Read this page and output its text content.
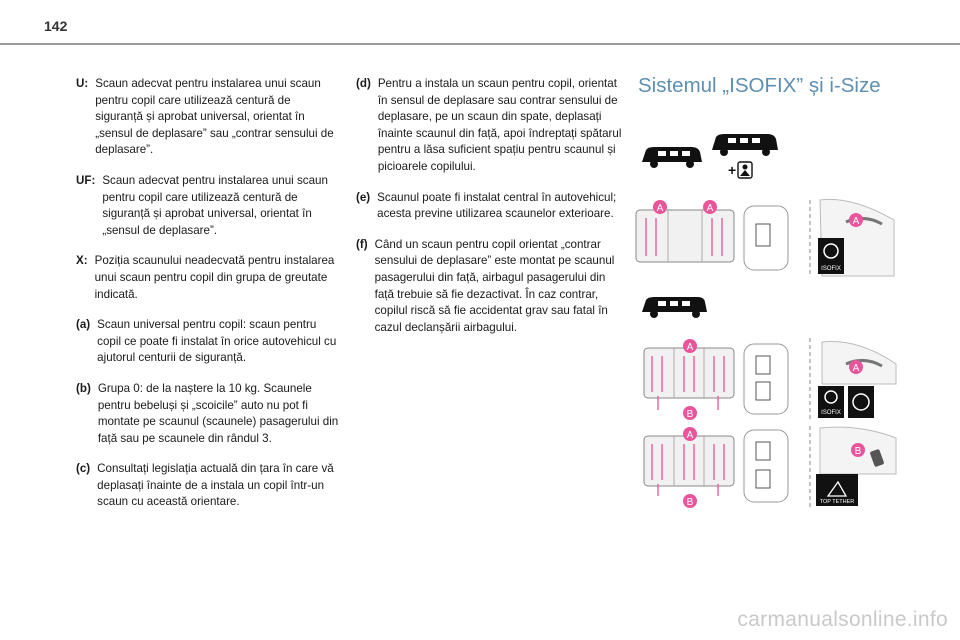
142
U: Scaun adecvat pentru instalarea unui scaun pentru copil care utilizează centură de siguranță și aprobat universal, orientat în „sensul de deplasare” sau „contrar sensului de deplasare”.
UF: Scaun adecvat pentru instalarea unui scaun pentru copil care utilizează centură de siguranță și aprobat universal, orientat în „sensul de deplasare”.
X: Poziția scaunului neadecvată pentru instalarea unui scaun pentru copil din grupa de greutate indicată.
(a) Scaun universal pentru copil: scaun pentru copil ce poate fi instalat în orice autovehicul cu ajutorul centurii de siguranță.
(b) Grupa 0: de la naștere la 10 kg. Scaunele pentru bebeluși și „scoicile” auto nu pot fi montate pe scaunul (scaunele) pasagerului din față sau pe scaunele din rândul 3.
(c) Consultați legislația actuală din țara în care vă deplasați înainte de a instala un copil într-un scaun cu această orientare.
(d) Pentru a instala un scaun pentru copil, orientat în sensul de deplasare sau contrar sensului de deplasare, pe un scaun din spate, deplasați înainte scaunul din față, apoi îndreptați spătarul pentru a lăsa suficient spațiu pentru scaunul și picioarele copilului.
(e) Scaunul poate fi instalat central în autovehicul; acesta previne utilizarea scaunelor exterioare.
(f) Când un scaun pentru copil orientat „contrar sensului de deplasare” este montat pe scaunul pasagerului din față, airbagul pasagerului din față trebuie să fie dezactivat. În caz contrar, copilul riscă să fie accidentat grav sau fatal în cazul declanșării airbagului.
Sistemul „ISOFIX” și i-Size
+
A	A
A
ISOFIX
A
B
A
ISOFIX
A
B
B
TOP TETHER
carmanualsonline.info
